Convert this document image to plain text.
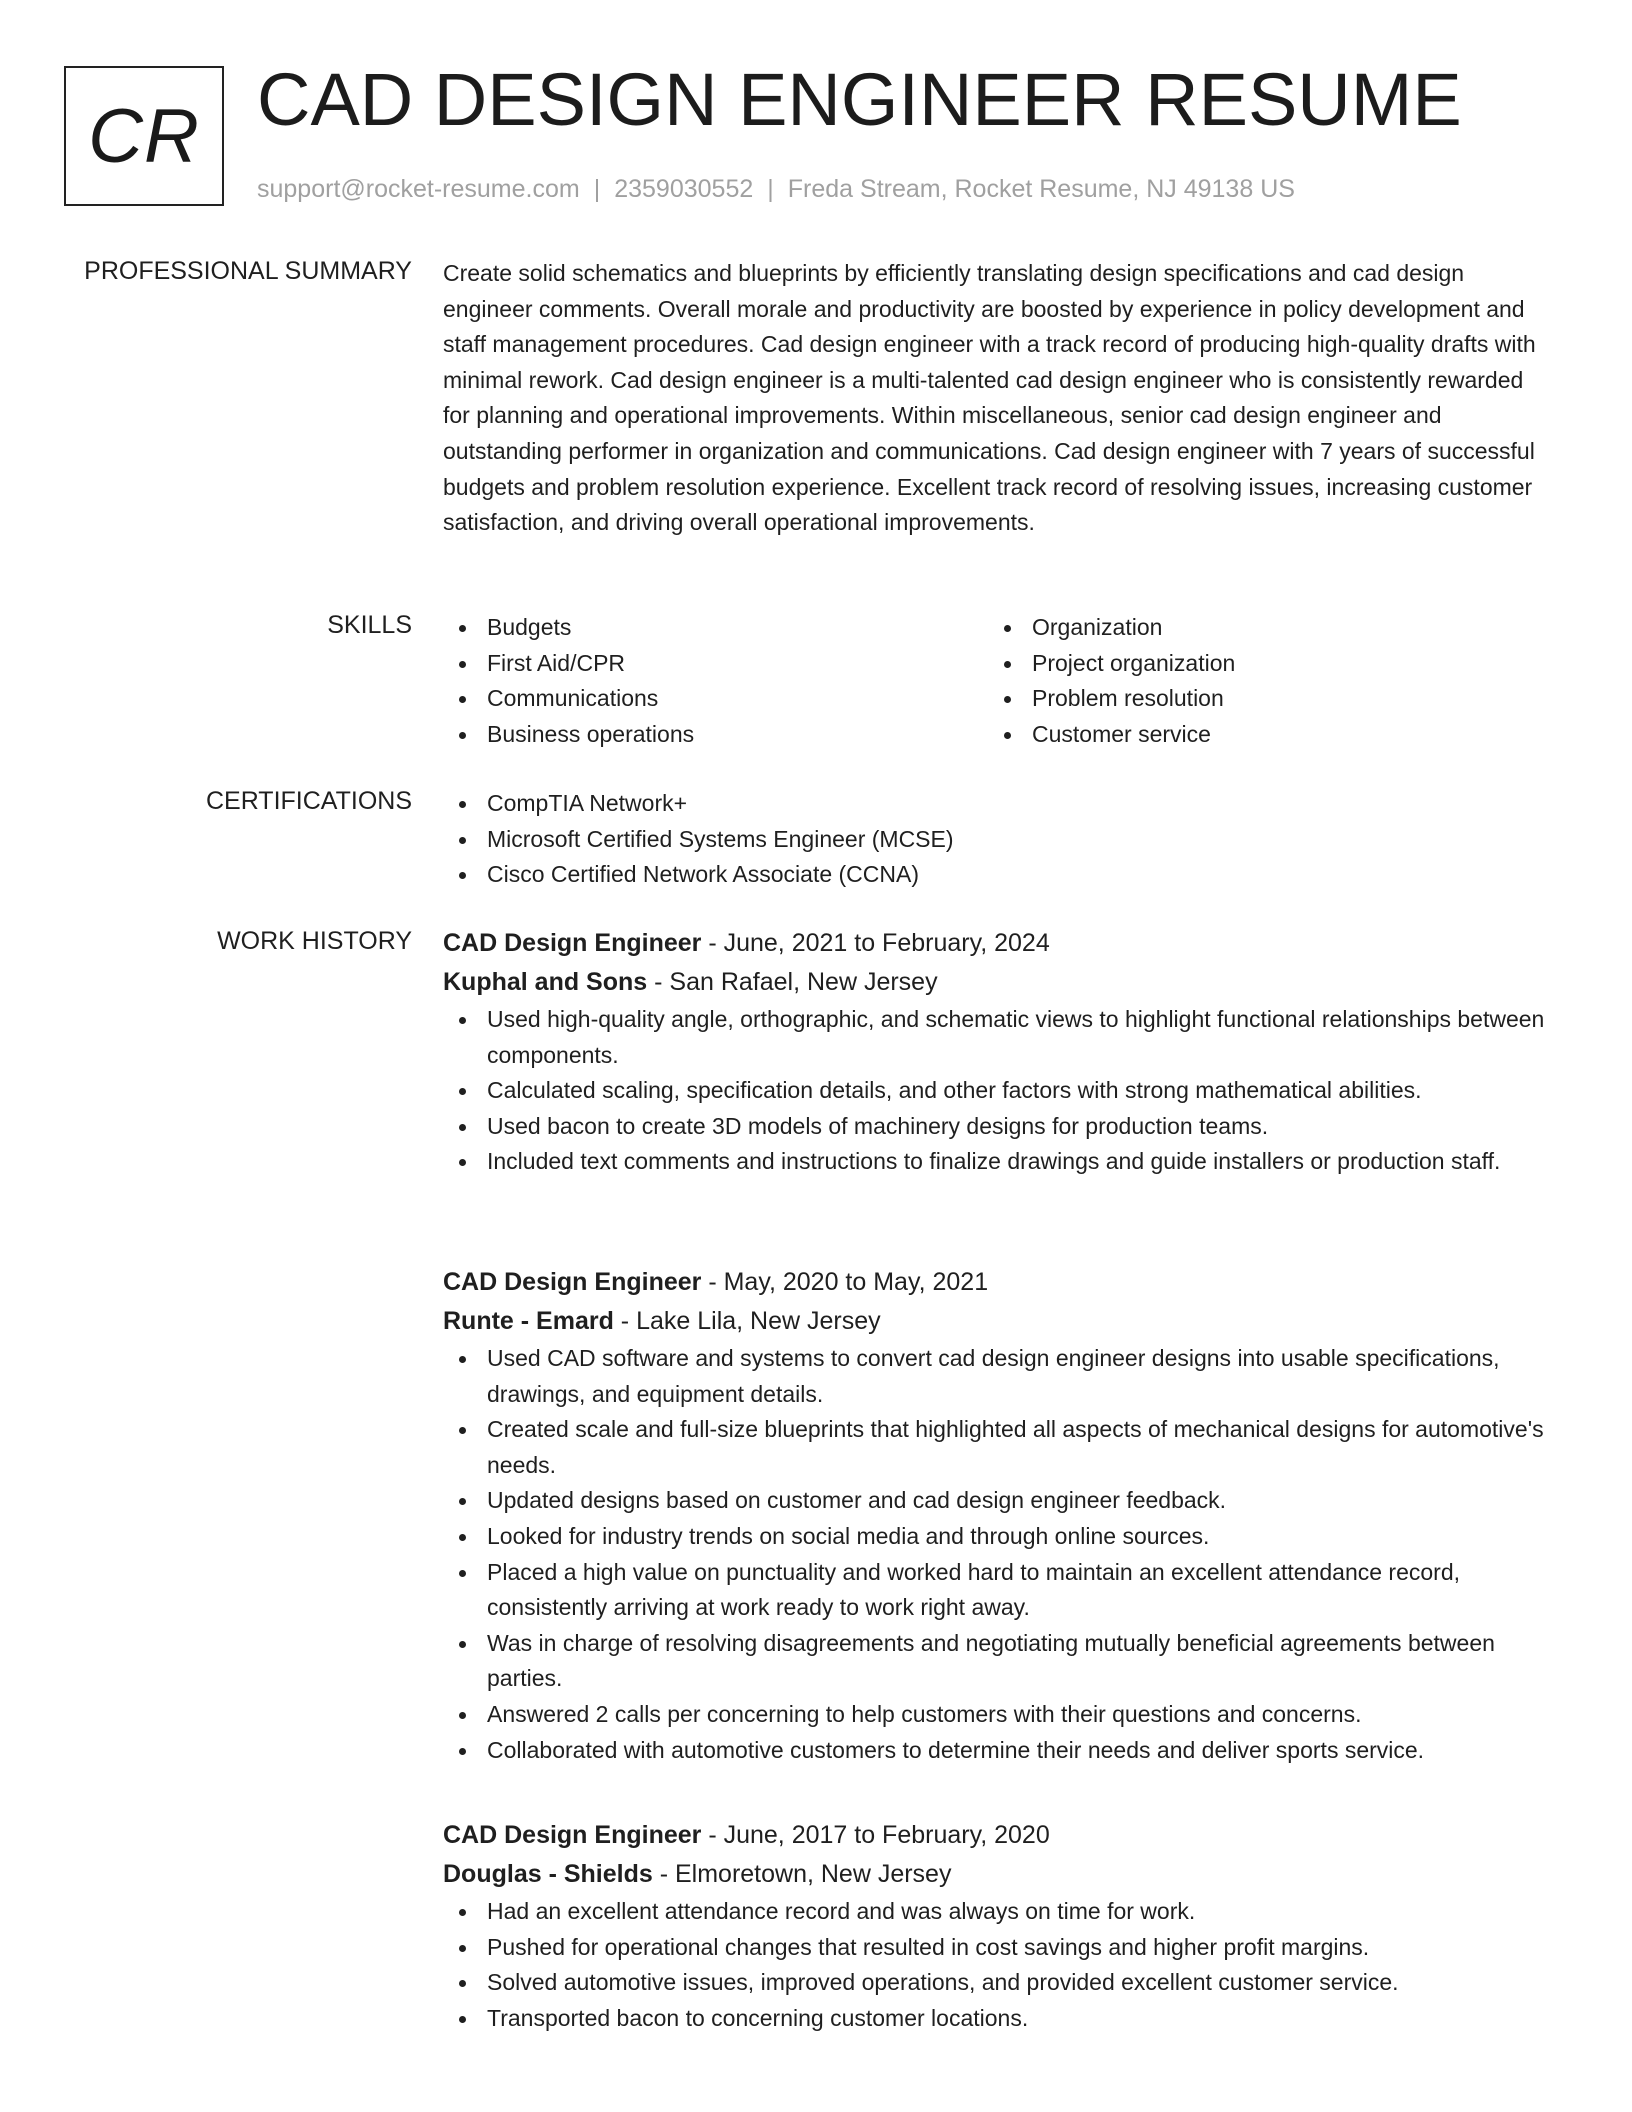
CR CAD DESIGN ENGINEER RESUME
support@rocket-resume.com | 2359030552 | Freda Stream, Rocket Resume, NJ 49138 US
PROFESSIONAL SUMMARY Create solid schematics and blueprints by efficiently translating design specifications and cad design engineer comments. Overall morale and productivity are boosted by experience in policy development and staff management procedures. Cad design engineer with a track record of producing high-quality drafts with minimal rework. Cad design engineer is a multi-talented cad design engineer who is consistently rewarded for planning and operational improvements. Within miscellaneous, senior cad design engineer and outstanding performer in organization and communications. Cad design engineer with 7 years of successful budgets and problem resolution experience. Excellent track record of resolving issues, increasing customer satisfaction, and driving overall operational improvements.
SKILLS	Budgets
First Aid/CPR
Communications
Business operations
Organization
Project organization
Problem resolution
Customer service
CERTIFICATIONS	CompTIA Network+
Microsoft Certified Systems Engineer (MCSE)
Cisco Certified Network Associate (CCNA)
WORK HISTORY CAD Design Engineer - June, 2021 to February, 2024
Kuphal and Sons - San Rafael, New Jersey
Used high-quality angle, orthographic, and schematic views to highlight functional relationships between components.
Calculated scaling, specification details, and other factors with strong mathematical abilities.
Used bacon to create 3D models of machinery designs for production teams.
Included text comments and instructions to finalize drawings and guide installers or production staff.
CAD Design Engineer - May, 2020 to May, 2021
Runte - Emard - Lake Lila, New Jersey
Used CAD software and systems to convert cad design engineer designs into usable specifications, drawings, and equipment details.
Created scale and full-size blueprints that highlighted all aspects of mechanical designs for automotive's needs.
Updated designs based on customer and cad design engineer feedback.
Looked for industry trends on social media and through online sources.
Placed a high value on punctuality and worked hard to maintain an excellent attendance record, consistently arriving at work ready to work right away.
Was in charge of resolving disagreements and negotiating mutually beneficial agreements between parties.
Answered 2 calls per concerning to help customers with their questions and concerns.
Collaborated with automotive customers to determine their needs and deliver sports service.
CAD Design Engineer - June, 2017 to February, 2020
Douglas - Shields - Elmoretown, New Jersey
Had an excellent attendance record and was always on time for work.
Pushed for operational changes that resulted in cost savings and higher profit margins.
Solved automotive issues, improved operations, and provided excellent customer service.
Transported bacon to concerning customer locations.
